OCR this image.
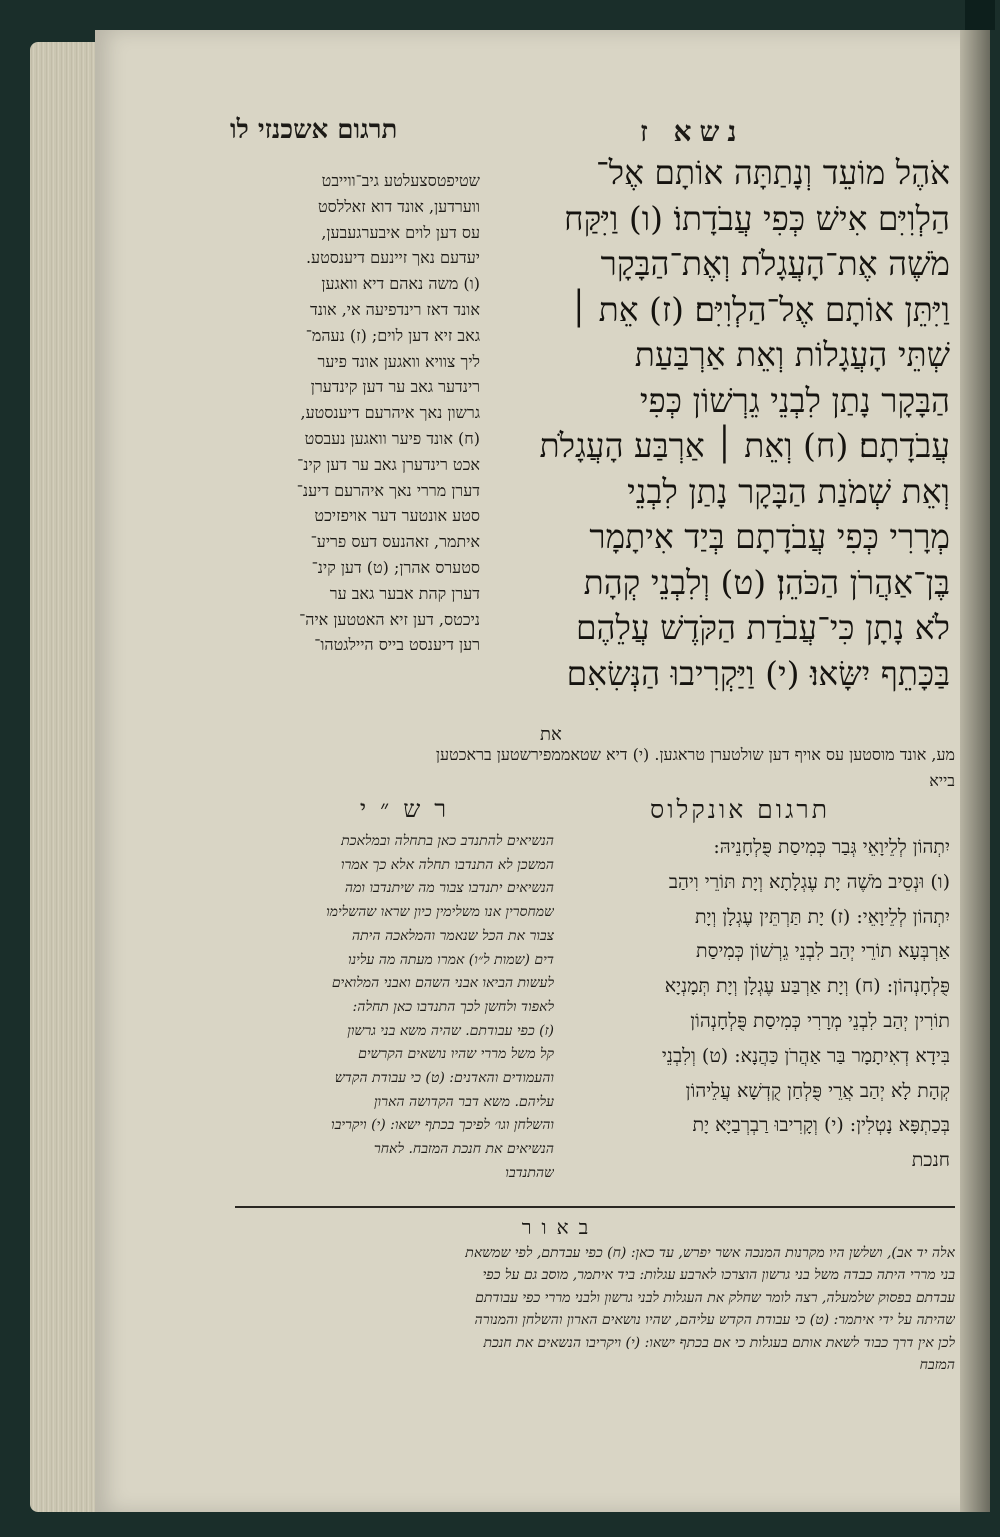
תרגום אשכנזי לו	נשא ז
אֹהֶל מוֹעֵד וְנָתַתָּה אוֹתָם אֶל־
הַלְוִיִּם אִישׁ כְּפִי עֲבֹדָתוֹ׃ (ו) וַיִּקַּח
מֹשֶׁה אֶת־הָעֲגָלֹת וְאֶת־הַבָּקָר
וַיִּתֵּן אוֹתָם אֶל־הַלְוִיִּם׃ (ז) אֵת ׀
שְׁתֵּי הָעֲגָלוֹת וְאֵת אַרְבַּעַת
הַבָּקָר נָתַן לִבְנֵי גֵרְשׁוֹן כְּפִי
עֲבֹדָתָם׃ (ח) וְאֵת ׀ אַרְבַּע הָעֲגָלֹת
וְאֵת שְׁמֹנַת הַבָּקָר נָתַן לִבְנֵי
מְרָרִי כְּפִי עֲבֹדָתָם בְּיַד אִיתָמָר
בֶּן־אַהֲרֹן הַכֹּהֵן׃ (ט) וְלִבְנֵי קְהָת
לֹא נָתָן כִּי־עֲבֹדַת הַקֹּדֶשׁ עֲלֵהֶם
בַּכָּתֵף יִשָּׂאוּ׃ (י) וַיַּקְרִיבוּ הַנְּשִׂאִם
שטיפטסצעלטע גיב־ווייבט
ווערדען, אונד דוא זאללסט
עס דען לוים איבערגעבען,
יעדעם נאך זיינעם דיענסטע.
(ו) משה נאהם דיא וואגען
אונד דאז רינדפיעה אי, אונד
גאב זיא דען לוים; (ז) נעהמ־
ליך צוויא וואגען אונד פיער
רינדער גאב ער דען קינדערן
גרשון נאך איהרעם דיענסטע,
(ח) אונד פיער וואגען נעבסט
אכט רינדערן גאב ער דען קינ־
דערן מררי נאך איהרעם דיענ־
סטע אונטער דער אויפזיכט
איתמר, זאהנעס דעס פריע־
סטערס אהרן; (ט) דען קינ־
דערן קהת אבער גאב ער
ניכטס, דען זיא האטטען איה־
רען דיענסט בייס היילגטהו־
את
מע, אונד מוסטען עס אויף דען שולטערן טראגען. (י) דיא שטאממפירשטען בראכטען
בייא
רש״י	תרגום אונקלוס
הנשיאים להתנדב כאן בתחלה ובמלאכת
המשכן לא התנדבו תחלה אלא כך אמרו
הנשיאים יתנדבו צבור מה שיתנדבו ומה
שמחסרין אנו משלימין כיון שראו שהשלימו
צבור את הכל שנאמר והמלאכה היתה
דים (שמות ל״ו) אמרו מעתה מה עלינו
לעשות הביאו אבני השהם ואבני המלואים
לאפוד ולחשן לכך התנדבו כאן תחלה:
(ז) כפי עבודתם. שהיה משא בני גרשון
קל משל מררי שהיו נושאים הקרשים
והעמודים והאדנים: (ט) כי עבודת הקדש
עליהם. משא דבר הקדושה הארון
והשלחן וגו׳ לפיכך בכתף ישאו: (י) ויקריבו
הנשיאים את חנכת המזבח. לאחר
שהתנדבו
יִתְהוֹן לְלֵיוָאֵי גְּבַר כְּמִיסַת פֻּלְחָנֵיהּ:
(ו) וּנְסֵיב מֹשֶׁה יָת עֶגְלָתָא וְיָת תּוֹרֵי וִיהַב
יִתְהוֹן לְלֵיוָאֵי: (ז) יָת תַּרְתֵּין עֶגְלָן וְיָת
אַרְבְּעָא תוֹרֵי יְהַב לִבְנֵי גֵרְשׁוֹן כְּמִיסַת
פֻּלְחָנְהוֹן: (ח) וְיָת אַרְבַּע עֶגְלָן וְיָת תְּמָנְיָא
תוֹרִין יְהַב לִבְנֵי מְרָרִי כְּמִיסַת פֻּלְחָנְהוֹן
בִּידָא דְאִיתָמָר בַּר אַהֲרֹן כַּהֲנָא: (ט) וְלִבְנֵי
קְהָת לָא יְהַב אֲרֵי פֻּלְחַן קֻדְשָׁא עֲלֵיהוֹן
בְּכַתְפָּא נָטְלִין: (י) וְקָרִיבוּ רַבְרְבַיָּא יָת
חנכת
באור
אלה יד אב), ושלשן היו מקרנות המנכה אשר יפרש, עד כאן: (ח) כפי עבדתם, לפי שמשאת
בני מררי היתה כבדה משל בני גרשון הוצרכו לארבע עגלות: ביד איתמר, מוסב גם על כפי
עבדתם בפסוק שלמעלה, רצה לומר שחלק את העגלות לבני גרשון ולבני מררי כפי עבודתם
שהיתה על ידי איתמר: (ט) כי עבודת הקדש עליהם, שהיו נושאים הארון והשלחן והמנורה
לכן אין דרך כבוד לשאת אותם בעגלות כי אם בכתף ישאו: (י) ויקריבו הנשאים את חנכת
המזבח
